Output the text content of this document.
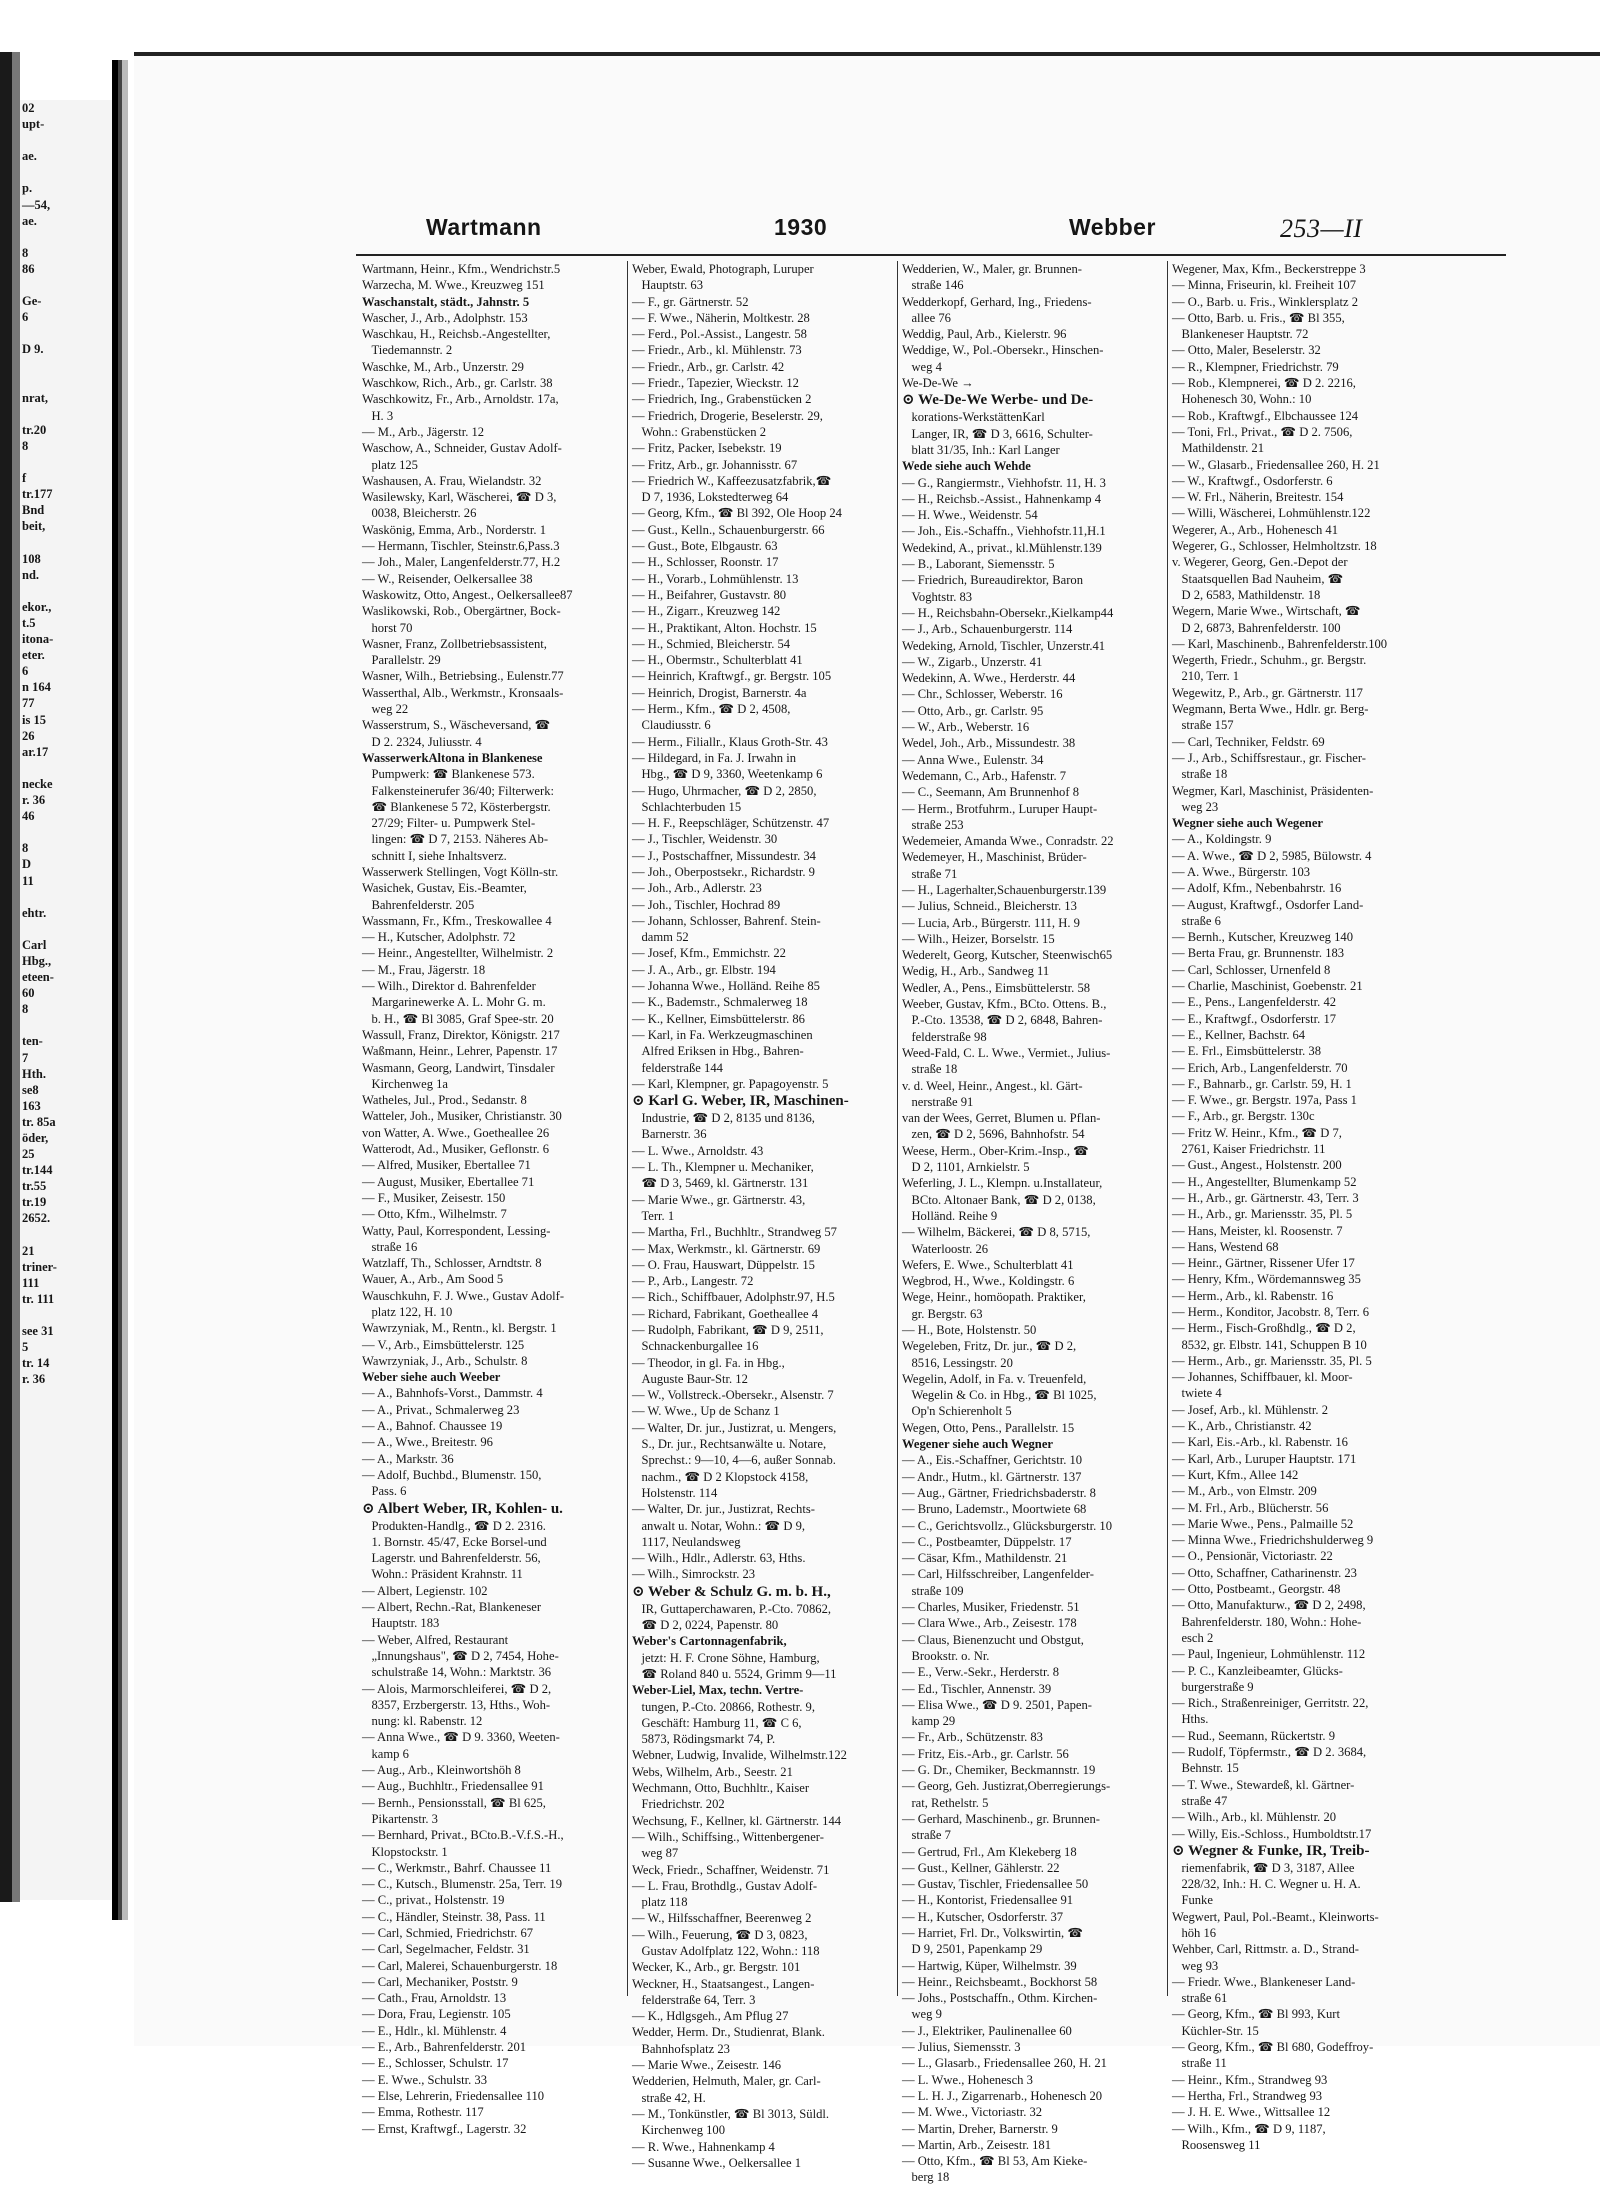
02
upt-

ae.

p.
—54,
ae.

8
86

Ge-
6

D 9.

nrat,

tr.20
8

f
tr.177
Bnd
beit,

108
nd.

ekor.,
t.5
itona-
eter.
6
n 164
77
is 15
26
ar.17

necke
r. 36
46

8
D
11

ehtr.

Carl
Hbg.,
eteen-
60
8

ten-
7
Hth.
se8
163
tr. 85a
öder,
25
tr.144
tr.55
tr.19
2652.

21
triner-
111
tr. 111

see 31
5
tr. 14
r. 36
Wartmann	1930	Webber	253—II
Wartmann, Heinr., Kfm., Wendrichstr.5
Warzecha, M. Wwe., Kreuzweg 151
Waschanstalt, städt., Jahnstr. 5
Wascher, J., Arb., Adolphstr. 153
Waschkau, H., Reichsb.-Angestellter,
Tiedemannstr. 2
Waschke, M., Arb., Unzerstr. 29
Waschkow, Rich., Arb., gr. Carlstr. 38
Waschkowitz, Fr., Arb., Arnoldstr. 17a,
H. 3
— M., Arb., Jägerstr. 12
Waschow, A., Schneider, Gustav Adolf-
platz 125
Washausen, A. Frau, Wielandstr. 32
Wasilewsky, Karl, Wäscherei, ☎ D 3,
0038, Bleicherstr. 26
Waskönig, Emma, Arb., Norderstr. 1
— Hermann, Tischler, Steinstr.6,Pass.3
— Joh., Maler, Langenfelderstr.77, H.2
— W., Reisender, Oelkersallee 38
Waskowitz, Otto, Angest., Oelkersallee87
Waslikowski, Rob., Obergärtner, Bock-
horst 70
Wasner, Franz, Zollbetriebsassistent,
Parallelstr. 29
Wasner, Wilh., Betriebsing., Eulenstr.77
Wasserthal, Alb., Werkmstr., Kronsaals-
weg 22
Wasserstrum, S., Wäscheversand, ☎
D 2. 2324, Juliusstr. 4
WasserwerkAltona in Blankenese
Pumpwerk: ☎ Blankenese 573.
Falkensteinerufer 36/40; Filterwerk:
☎ Blankenese 5 72, Kösterbergstr.
27/29; Filter- u. Pumpwerk Stel-
lingen: ☎ D 7, 2153. Näheres Ab-
schnitt I, siehe Inhaltsverz.
Wasserwerk Stellingen, Vogt Kölln-str.
Wasichek, Gustav, Eis.-Beamter,
Bahrenfelderstr. 205
Wassmann, Fr., Kfm., Treskowallee 4
— H., Kutscher, Adolphstr. 72
— Heinr., Angestellter, Wilhelmistr. 2
— M., Frau, Jägerstr. 18
— Wilh., Direktor d. Bahrenfelder
Margarinewerke A. L. Mohr G. m.
b. H., ☎ Bl 3085, Graf Spee-str. 20
Wassull, Franz, Direktor, Königstr. 217
Waßmann, Heinr., Lehrer, Papenstr. 17
Wasmann, Georg, Landwirt, Tinsdaler
Kirchenweg 1a
Watheles, Jul., Prod., Sedanstr. 8
Watteler, Joh., Musiker, Christianstr. 30
von Watter, A. Wwe., Goetheallee 26
Watterodt, Ad., Musiker, Geflonstr. 6
— Alfred, Musiker, Ebertallee 71
— August, Musiker, Ebertallee 71
— F., Musiker, Zeisestr. 150
— Otto, Kfm., Wilhelmstr. 7
Watty, Paul, Korrespondent, Lessing-
straße 16
Watzlaff, Th., Schlosser, Arndtstr. 8
Wauer, A., Arb., Am Sood 5
Wauschkuhn, F. J. Wwe., Gustav Adolf-
platz 122, H. 10
Wawrzyniak, M., Rentn., kl. Bergstr. 1
— V., Arb., Eimsbüttelerstr. 125
Wawrzyniak, J., Arb., Schulstr. 8
Weber siehe auch Weeber
— A., Bahnhofs-Vorst., Dammstr. 4
— A., Privat., Schmalerweg 23
— A., Bahnof. Chaussee 19
— A., Wwe., Breitestr. 96
— A., Markstr. 36
— Adolf, Buchbd., Blumenstr. 150,
Pass. 6
⊙ Albert Weber, IR, Kohlen- u.
Produkten-Handlg., ☎ D 2. 2316.
1. Bornstr. 45/47, Ecke Borsel-und
Lagerstr. und Bahrenfelderstr. 56,
Wohn.: Präsident Krahnstr. 11
— Albert, Legienstr. 102
— Albert, Rechn.-Rat, Blankeneser
Hauptstr. 183
— Weber, Alfred, Restaurant
„Innungshaus", ☎ D 2, 7454, Hohe-
schulstraße 14, Wohn.: Marktstr. 36
— Alois, Marmorschleiferei, ☎ D 2,
8357, Erzbergerstr. 13, Hths., Woh-
nung: kl. Rabenstr. 12
— Anna Wwe., ☎ D 9. 3360, Weeten-
kamp 6
— Aug., Arb., Kleinwortshöh 8
— Aug., Buchhltr., Friedensallee 91
— Bernh., Pensionsstall, ☎ Bl 625,
Pikartenstr. 3
— Bernhard, Privat., BCto.B.-V.f.S.-H.,
Klopstockstr. 1
— C., Werkmstr., Bahrf. Chaussee 11
— C., Kutsch., Blumenstr. 25a, Terr. 19
— C., privat., Holstenstr. 19
— C., Händler, Steinstr. 38, Pass. 11
— Carl, Schmied, Friedrichstr. 67
— Carl, Segelmacher, Feldstr. 31
— Carl, Malerei, Schauenburgerstr. 18
— Carl, Mechaniker, Poststr. 9
— Cath., Frau, Arnoldstr. 13
— Dora, Frau, Legienstr. 105
— E., Hdlr., kl. Mühlenstr. 4
— E., Arb., Bahrenfelderstr. 201
— E., Schlosser, Schulstr. 17
— E. Wwe., Schulstr. 33
— Else, Lehrerin, Friedensallee 110
— Emma, Rothestr. 117
— Ernst, Kraftwgf., Lagerstr. 32
Weber, Ewald, Photograph, Luruper
Hauptstr. 63
— F., gr. Gärtnerstr. 52
— F. Wwe., Näherin, Moltkestr. 28
— Ferd., Pol.-Assist., Langestr. 58
— Friedr., Arb., kl. Mühlenstr. 73
— Friedr., Arb., gr. Carlstr. 42
— Friedr., Tapezier, Wieckstr. 12
— Friedrich, Ing., Grabenstücken 2
— Friedrich, Drogerie, Beselerstr. 29,
Wohn.: Grabenstücken 2
— Fritz, Packer, Isebekstr. 19
— Fritz, Arb., gr. Johannisstr. 67
— Friedrich W., Kaffeezusatzfabrik,☎
D 7, 1936, Lokstedterweg 64
— Georg, Kfm., ☎ Bl 392, Ole Hoop 24
— Gust., Kelln., Schauenburgerstr. 66
— Gust., Bote, Elbgaustr. 63
— H., Schlosser, Roonstr. 17
— H., Vorarb., Lohmühlenstr. 13
— H., Beifahrer, Gustavstr. 80
— H., Zigarr., Kreuzweg 142
— H., Praktikant, Alton. Hochstr. 15
— H., Schmied, Bleicherstr. 54
— H., Obermstr., Schulterblatt 41
— Heinrich, Kraftwgf., gr. Bergstr. 105
— Heinrich, Drogist, Barnerstr. 4a
— Herm., Kfm., ☎ D 2, 4508,
Claudiusstr. 6
— Herm., Filiallr., Klaus Groth-Str. 43
— Hildegard, in Fa. J. Irwahn in
Hbg., ☎ D 9, 3360, Weetenkamp 6
— Hugo, Uhrmacher, ☎ D 2, 2850,
Schlachterbuden 15
— H. F., Reepschläger, Schützenstr. 47
— J., Tischler, Weidenstr. 30
— J., Postschaffner, Missundestr. 34
— Joh., Oberpostsekr., Richardstr. 9
— Joh., Arb., Adlerstr. 23
— Joh., Tischler, Hochrad 89
— Johann, Schlosser, Bahrenf. Stein-
damm 52
— Josef, Kfm., Emmichstr. 22
— J. A., Arb., gr. Elbstr. 194
— Johanna Wwe., Holländ. Reihe 85
— K., Bademstr., Schmalerweg 18
— K., Kellner, Eimsbüttelerstr. 86
— Karl, in Fa. Werkzeugmaschinen
Alfred Eriksen in Hbg., Bahren-
felderstraße 144
— Karl, Klempner, gr. Papagoyenstr. 5
⊙ Karl G. Weber, IR, Maschinen-
Industrie, ☎ D 2, 8135 und 8136,
Barnerstr. 36
— L. Wwe., Arnoldstr. 43
— L. Th., Klempner u. Mechaniker,
☎ D 3, 5469, kl. Gärtnerstr. 131
— Marie Wwe., gr. Gärtnerstr. 43,
Terr. 1
— Martha, Frl., Buchhltr., Strandweg 57
— Max, Werkmstr., kl. Gärtnerstr. 69
— O. Frau, Hauswart, Düppelstr. 15
— P., Arb., Langestr. 72
— Rich., Schiffbauer, Adolphstr.97, H.5
— Richard, Fabrikant, Goetheallee 4
— Rudolph, Fabrikant, ☎ D 9, 2511,
Schnackenburgallee 16
— Theodor, in gl. Fa. in Hbg.,
Auguste Baur-Str. 12
— W., Vollstreck.-Obersekr., Alsenstr. 7
— W. Wwe., Up de Schanz 1
— Walter, Dr. jur., Justizrat, u. Mengers,
S., Dr. jur., Rechtsanwälte u. Notare,
Sprechst.: 9—10, 4—6, außer Sonnab.
nachm., ☎ D 2 Klopstock 4158,
Holstenstr. 114
— Walter, Dr. jur., Justizrat, Rechts-
anwalt u. Notar, Wohn.: ☎ D 9,
1117, Neulandsweg
— Wilh., Hdlr., Adlerstr. 63, Hths.
— Wilh., Simrockstr. 23
⊙ Weber & Schulz G. m. b. H.,
IR, Guttaperchawaren, P.-Cto. 70862,
☎ D 2, 0224, Papenstr. 80
Weber's Cartonnagenfabrik,
jetzt: H. F. Crone Söhne, Hamburg,
☎ Roland 840 u. 5524, Grimm 9—11
Weber-Liel, Max, techn. Vertre-
tungen, P.-Cto. 20866, Rothestr. 9,
Geschäft: Hamburg 11, ☎ C 6,
5873, Rödingsmarkt 74, P.
Webner, Ludwig, Invalide, Wilhelmstr.122
Webs, Wilhelm, Arb., Seestr. 21
Wechmann, Otto, Buchhltr., Kaiser
Friedrichstr. 202
Wechsung, F., Kellner, kl. Gärtnerstr. 144
— Wilh., Schiffsing., Wittenbergener-
weg 87
Weck, Friedr., Schaffner, Weidenstr. 71
— L. Frau, Brothdlg., Gustav Adolf-
platz 118
— W., Hilfsschaffner, Beerenweg 2
— Wilh., Feuerung, ☎ D 3, 0823,
Gustav Adolfplatz 122, Wohn.: 118
Wecker, K., Arb., gr. Bergstr. 101
Weckner, H., Staatsangest., Langen-
felderstraße 64, Terr. 3
— K., Hdlgsgeh., Am Pflug 27
Wedder, Herm. Dr., Studienrat, Blank.
Bahnhofsplatz 23
— Marie Wwe., Zeisestr. 146
Wedderien, Helmuth, Maler, gr. Carl-
straße 42, H.
— M., Tonkünstler, ☎ Bl 3013, Süldl.
Kirchenweg 100
— R. Wwe., Hahnenkamp 4
— Susanne Wwe., Oelkersallee 1
Wedderien, W., Maler, gr. Brunnen-
straße 146
Wedderkopf, Gerhard, Ing., Friedens-
allee 76
Weddig, Paul, Arb., Kielerstr. 96
Weddige, W., Pol.-Obersekr., Hinschen-
weg 4
We-De-We →
⊙ We-De-We Werbe- und De-
korations-WerkstättenKarl
Langer, IR, ☎ D 3, 6616, Schulter-
blatt 31/35, Inh.: Karl Langer
Wede siehe auch Wehde
— G., Rangiermstr., Viehhofstr. 11, H. 3
— H., Reichsb.-Assist., Hahnenkamp 4
— H. Wwe., Weidenstr. 54
— Joh., Eis.-Schaffn., Viehhofstr.11,H.1
Wedekind, A., privat., kl.Mühlenstr.139
— B., Laborant, Siemensstr. 5
— Friedrich, Bureaudirektor, Baron
Voghtstr. 83
— H., Reichsbahn-Obersekr.,Kielkamp44
— J., Arb., Schauenburgerstr. 114
Wedeking, Arnold, Tischler, Unzerstr.41
— W., Zigarb., Unzerstr. 41
Wedekinn, A. Wwe., Herderstr. 44
— Chr., Schlosser, Weberstr. 16
— Otto, Arb., gr. Carlstr. 95
— W., Arb., Weberstr. 16
Wedel, Joh., Arb., Missundestr. 38
— Anna Wwe., Eulenstr. 34
Wedemann, C., Arb., Hafenstr. 7
— C., Seemann, Am Brunnenhof 8
— Herm., Brotfuhrm., Luruper Haupt-
straße 253
Wedemeier, Amanda Wwe., Conradstr. 22
Wedemeyer, H., Maschinist, Brüder-
straße 71
— H., Lagerhalter,Schauenburgerstr.139
— Julius, Schneid., Bleicherstr. 13
— Lucia, Arb., Bürgerstr. 111, H. 9
— Wilh., Heizer, Borselstr. 15
Wederelt, Georg, Kutscher, Steenwisch65
Wedig, H., Arb., Sandweg 11
Wedler, A., Pens., Eimsbüttelerstr. 58
Weeber, Gustav, Kfm., BCto. Ottens. B.,
P.-Cto. 13538, ☎ D 2, 6848, Bahren-
felderstraße 98
Weed-Fald, C. L. Wwe., Vermiet., Julius-
straße 18
v. d. Weel, Heinr., Angest., kl. Gärt-
nerstraße 91
van der Wees, Gerret, Blumen u. Pflan-
zen, ☎ D 2, 5696, Bahnhofstr. 54
Weese, Herm., Ober-Krim.-Insp., ☎
D 2, 1101, Arnkielstr. 5
Weferling, J. L., Klempn. u.Installateur,
BCto. Altonaer Bank, ☎ D 2, 0138,
Holländ. Reihe 9
— Wilhelm, Bäckerei, ☎ D 8, 5715,
Waterloostr. 26
Wefers, E. Wwe., Schulterblatt 41
Wegbrod, H., Wwe., Koldingstr. 6
Wege, Heinr., homöopath. Praktiker,
gr. Bergstr. 63
— H., Bote, Holstenstr. 50
Wegeleben, Fritz, Dr. jur., ☎ D 2,
8516, Lessingstr. 20
Wegelin, Adolf, in Fa. v. Treuenfeld,
Wegelin & Co. in Hbg., ☎ Bl 1025,
Op'n Schierenholt 5
Wegen, Otto, Pens., Parallelstr. 15
Wegener siehe auch Wegner
— A., Eis.-Schaffner, Gerichtstr. 10
— Andr., Hutm., kl. Gärtnerstr. 137
— Aug., Gärtner, Friedrichsbaderstr. 8
— Bruno, Lademstr., Moortwiete 68
— C., Gerichtsvollz., Glücksburgerstr. 10
— C., Postbeamter, Düppelstr. 17
— Cäsar, Kfm., Mathildenstr. 21
— Carl, Hilfsschreiber, Langenfelder-
straße 109
— Charles, Musiker, Friedenstr. 51
— Clara Wwe., Arb., Zeisestr. 178
— Claus, Bienenzucht und Obstgut,
Brookstr. o. Nr.
— E., Verw.-Sekr., Herderstr. 8
— Ed., Tischler, Annenstr. 39
— Elisa Wwe., ☎ D 9. 2501, Papen-
kamp 29
— Fr., Arb., Schützenstr. 83
— Fritz, Eis.-Arb., gr. Carlstr. 56
— G. Dr., Chemiker, Beckmannstr. 19
— Georg, Geh. Justizrat,Oberregierungs-
rat, Rethelstr. 5
— Gerhard, Maschinenb., gr. Brunnen-
straße 7
— Gertrud, Frl., Am Klekeberg 18
— Gust., Kellner, Gählerstr. 22
— Gustav, Tischler, Friedensallee 50
— H., Kontorist, Friedensallee 91
— H., Kutscher, Osdorferstr. 37
— Harriet, Frl. Dr., Volkswirtin, ☎
D 9, 2501, Papenkamp 29
— Hartwig, Küper, Wilhelmstr. 39
— Heinr., Reichsbeamt., Bockhorst 58
— Johs., Postschaffn., Othm. Kirchen-
weg 9
— J., Elektriker, Paulinenallee 60
— Julius, Siemensstr. 3
— L., Glasarb., Friedensallee 260, H. 21
— L. Wwe., Hohenesch 3
— L. H. J., Zigarrenarb., Hohenesch 20
— M. Wwe., Victoriastr. 32
— Martin, Dreher, Barnerstr. 9
— Martin, Arb., Zeisestr. 181
— Otto, Kfm., ☎ Bl 53, Am Kieke-
berg 18
Wegener, Max, Kfm., Beckerstreppe 3
— Minna, Friseurin, kl. Freiheit 107
— O., Barb. u. Fris., Winklersplatz 2
— Otto, Barb. u. Fris., ☎ Bl 355,
Blankeneser Hauptstr. 72
— Otto, Maler, Beselerstr. 32
— R., Klempner, Friedrichstr. 79
— Rob., Klempnerei, ☎ D 2. 2216,
Hohenesch 30, Wohn.: 10
— Rob., Kraftwgf., Elbchaussee 124
— Toni, Frl., Privat., ☎ D 2. 7506,
Mathildenstr. 21
— W., Glasarb., Friedensallee 260, H. 21
— W., Kraftwgf., Osdorferstr. 6
— W. Frl., Näherin, Breitestr. 154
— Willi, Wäscherei, Lohmühlenstr.122
Wegerer, A., Arb., Hohenesch 41
Wegerer, G., Schlosser, Helmholtzstr. 18
v. Wegerer, Georg, Gen.-Depot der
Staatsquellen Bad Nauheim, ☎
D 2, 6583, Mathildenstr. 18
Wegern, Marie Wwe., Wirtschaft, ☎
D 2, 6873, Bahrenfelderstr. 100
— Karl, Maschinenb., Bahrenfelderstr.100
Wegerth, Friedr., Schuhm., gr. Bergstr.
210, Terr. 1
Wegewitz, P., Arb., gr. Gärtnerstr. 117
Wegmann, Berta Wwe., Hdlr. gr. Berg-
straße 157
— Carl, Techniker, Feldstr. 69
— J., Arb., Schiffsrestaur., gr. Fischer-
straße 18
Wegmer, Karl, Maschinist, Präsidenten-
weg 23
Wegner siehe auch Wegener
— A., Koldingstr. 9
— A. Wwe., ☎ D 2, 5985, Bülowstr. 4
— A. Wwe., Bürgerstr. 103
— Adolf, Kfm., Nebenbahrstr. 16
— August, Kraftwgf., Osdorfer Land-
straße 6
— Bernh., Kutscher, Kreuzweg 140
— Berta Frau, gr. Brunnenstr. 183
— Carl, Schlosser, Urnenfeld 8
— Charlie, Maschinist, Goebenstr. 21
— E., Pens., Langenfelderstr. 42
— E., Kraftwgf., Osdorferstr. 17
— E., Kellner, Bachstr. 64
— E. Frl., Eimsbüttelerstr. 38
— Erich, Arb., Langenfelderstr. 70
— F., Bahnarb., gr. Carlstr. 59, H. 1
— F. Wwe., gr. Bergstr. 197a, Pass 1
— F., Arb., gr. Bergstr. 130c
— Fritz W. Heinr., Kfm., ☎ D 7,
2761, Kaiser Friedrichstr. 11
— Gust., Angest., Holstenstr. 200
— H., Angestellter, Blumenkamp 52
— H., Arb., gr. Gärtnerstr. 43, Terr. 3
— H., Arb., gr. Mariensstr. 35, Pl. 5
— Hans, Meister, kl. Roosenstr. 7
— Hans, Westend 68
— Heinr., Gärtner, Rissener Ufer 17
— Henry, Kfm., Wördemannsweg 35
— Herm., Arb., kl. Rabenstr. 16
— Herm., Konditor, Jacobstr. 8, Terr. 6
— Herm., Fisch-Großhdlg., ☎ D 2,
8532, gr. Elbstr. 141, Schuppen B 10
— Herm., Arb., gr. Mariensstr. 35, Pl. 5
— Johannes, Schiffbauer, kl. Moor-
twiete 4
— Josef, Arb., kl. Mühlenstr. 2
— K., Arb., Christianstr. 42
— Karl, Eis.-Arb., kl. Rabenstr. 16
— Karl, Arb., Luruper Hauptstr. 171
— Kurt, Kfm., Allee 142
— M., Arb., von Elmstr. 209
— M. Frl., Arb., Blücherstr. 56
— Marie Wwe., Pens., Palmaille 52
— Minna Wwe., Friedrichshulderweg 9
— O., Pensionär, Victoriastr. 22
— Otto, Schaffner, Catharinenstr. 23
— Otto, Postbeamt., Georgstr. 48
— Otto, Manufakturw., ☎ D 2, 2498,
Bahrenfelderstr. 180, Wohn.: Hohe-
esch 2
— Paul, Ingenieur, Lohmühlenstr. 112
— P. C., Kanzleibeamter, Glücks-
burgerstraße 9
— Rich., Straßenreiniger, Gerritstr. 22,
Hths.
— Rud., Seemann, Rückertstr. 9
— Rudolf, Töpfermstr., ☎ D 2. 3684,
Behnstr. 15
— T. Wwe., Stewardeß, kl. Gärtner-
straße 47
— Wilh., Arb., kl. Mühlenstr. 20
— Willy, Eis.-Schloss., Humboldtstr.17
⊙ Wegner & Funke, IR, Treib-
riemenfabrik, ☎ D 3, 3187, Allee
228/32, Inh.: H. C. Wegner u. H. A.
Funke
Wegwert, Paul, Pol.-Beamt., Kleinworts-
höh 16
Wehber, Carl, Rittmstr. a. D., Strand-
weg 93
— Friedr. Wwe., Blankeneser Land-
straße 61
— Georg, Kfm., ☎ Bl 993, Kurt
Küchler-Str. 15
— Georg, Kfm., ☎ Bl 680, Godeffroy-
straße 11
— Heinr., Kfm., Strandweg 93
— Hertha, Frl., Strandweg 93
— J. H. E. Wwe., Wittsallee 12
— Wilh., Kfm., ☎ D 9, 1187,
Roosensweg 11
